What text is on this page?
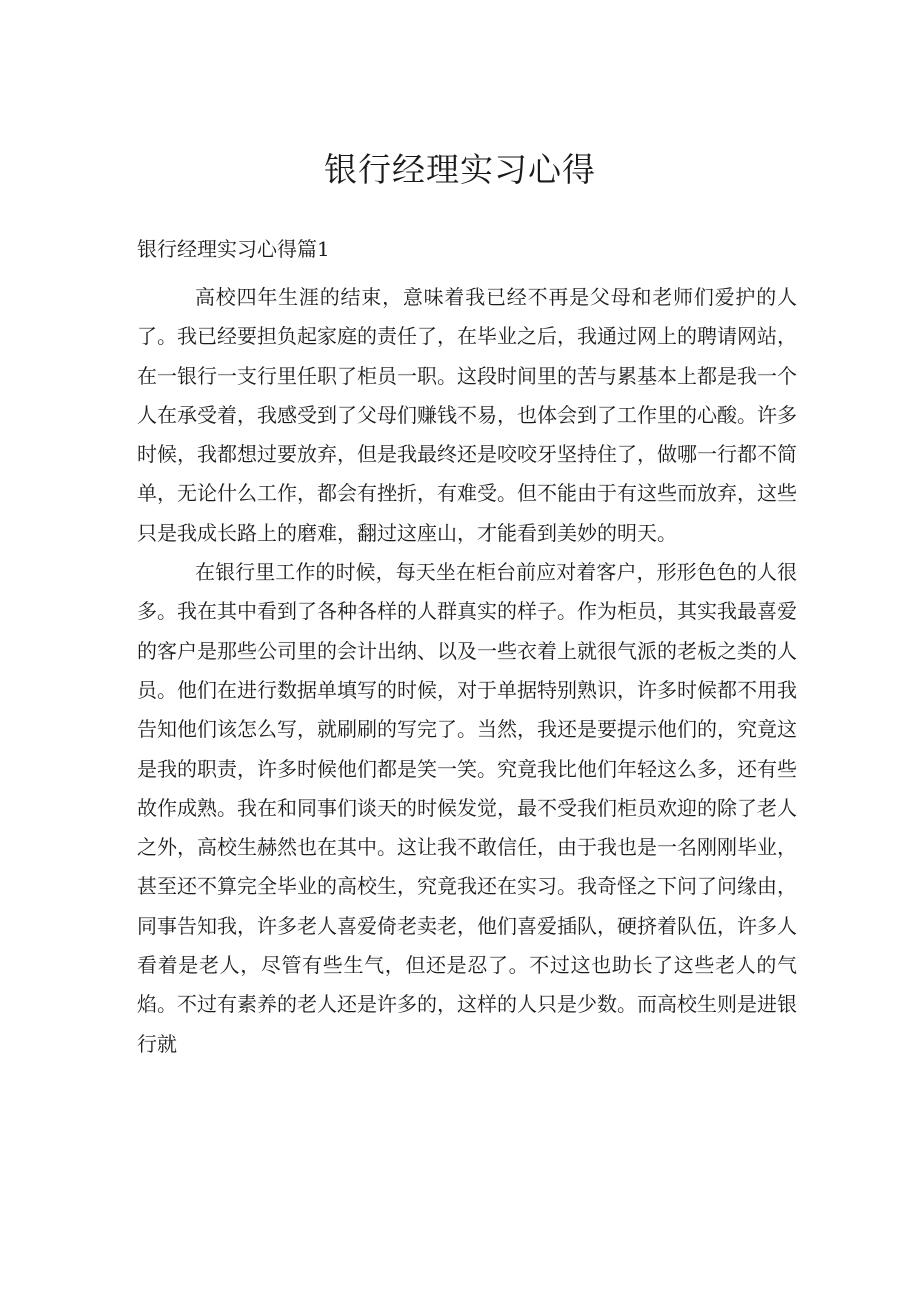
银行经理实习心得
银行经理实习心得篇1

高校四年生涯的结束，意味着我已经不再是父母和老师们爱护的人了。我已经要担负起家庭的责任了，在毕业之后，我通过网上的聘请网站，在一银行一支行里任职了柜员一职。这段时间里的苦与累基本上都是我一个人在承受着，我感受到了父母们赚钱不易，也体会到了工作里的心酸。许多时候，我都想过要放弃，但是我最终还是咬咬牙坚持住了，做哪一行都不简单，无论什么工作，都会有挫折，有难受。但不能由于有这些而放弃，这些只是我成长路上的磨难，翻过这座山，才能看到美妙的明天。

在银行里工作的时候，每天坐在柜台前应对着客户，形形色色的人很多。我在其中看到了各种各样的人群真实的样子。作为柜员，其实我最喜爱的客户是那些公司里的会计出纳、以及一些衣着上就很气派的老板之类的人员。他们在进行数据单填写的时候，对于单据特别熟识，许多时候都不用我告知他们该怎么写，就刷刷的写完了。当然，我还是要提示他们的，究竟这是我的职责，许多时候他们都是笑一笑。究竟我比他们年轻这么多，还有些故作成熟。我在和同事们谈天的时候发觉，最不受我们柜员欢迎的除了老人之外，高校生赫然也在其中。这让我不敢信任，由于我也是一名刚刚毕业，甚至还不算完全毕业的高校生，究竟我还在实习。我奇怪之下问了问缘由，同事告知我，许多老人喜爱倚老卖老，他们喜爱插队，硬挤着队伍，许多人看着是老人，尽管有些生气，但还是忍了。不过这也助长了这些老人的气焰。不过有素养的老人还是许多的，这样的人只是少数。而高校生则是进银行就
